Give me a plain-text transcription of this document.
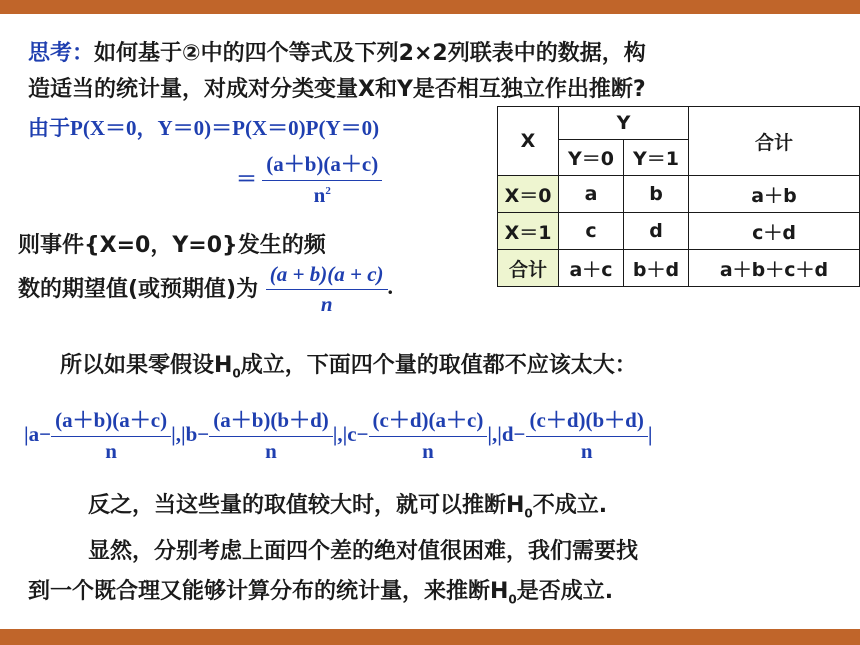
思考：如何基于②中的四个等式及下列2×2列联表中的数据，构
造适当的统计量，对成对分类变量X和Y是否相互独立作出推断?
由于P(X＝0，Y＝0)＝P(X＝0)P(Y＝0)
＝ $\frac{(a+b)(a+c)}{n^2}$
则事件{X=0，Y=0}发生的频
数的期望值(或预期值)为 $\frac{(a + b)(a + c)}{n}$ .
X	Y		合计
	Y＝0	Y＝1	
X＝0	a	b	a＋b
X＝1	c	d	c＋d
合计	a＋c	b＋d	a＋b＋c＋d
所以如果零假设$H_0$成立，下面四个量的取值都不应该太大：
$|a- \frac{(a+b)(a+c)}{n}$ |, $|b- \frac{(a+b)(b+d)}{n}$ |, $|c- \frac{(c+d)(a+c)}{n}$ |, $|d- \frac{(c+d)(b+d)}{n}$ |
反之，当这些量的取值较大时，就可以推断$H_0$不成立.
显然，分别考虑上面四个差的绝对值很困难，我们需要找
到一个既合理又能够计算分布的统计量，来推断$H_0$是否成立.
